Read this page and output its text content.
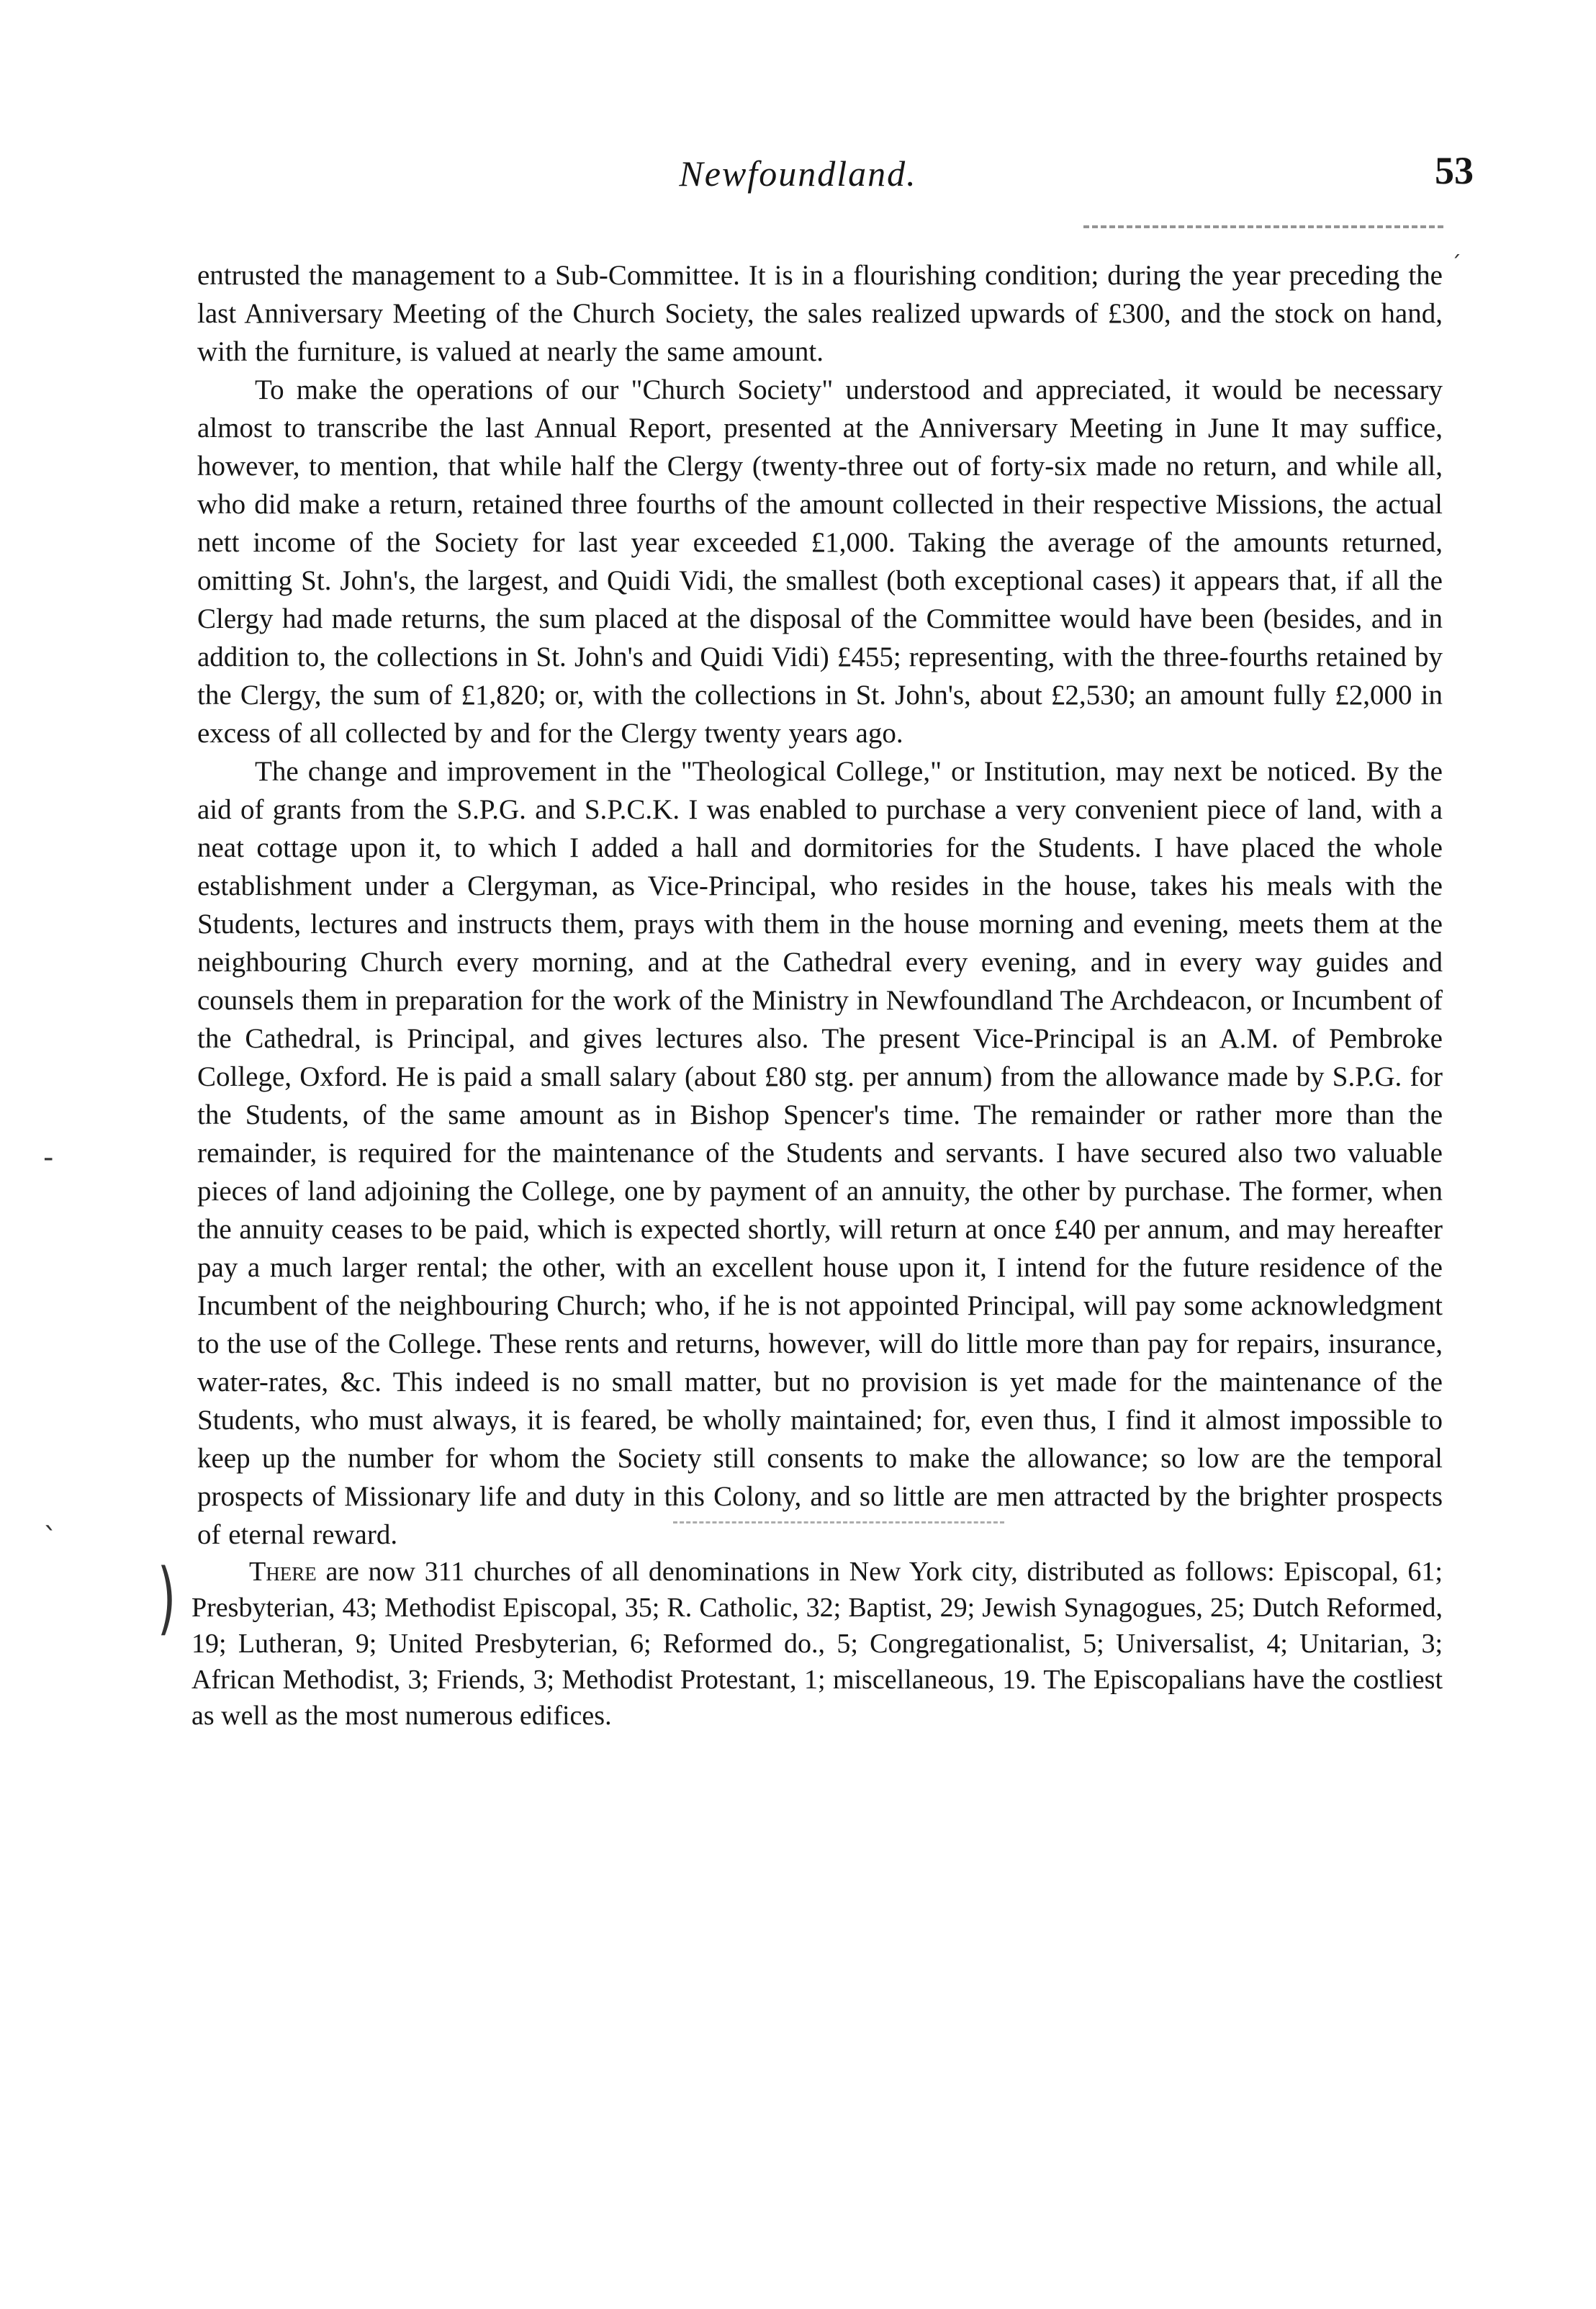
Newfoundland.	53
ˊ

entrusted the management to a Sub-Committee. It is in a flourishing condition; during the year preceding the last Anniversary Meeting of the Church Society, the sales realized upwards of £300, and the stock on hand, with the furniture, is valued at nearly the same amount.

To make the operations of our "Church Society" understood and appreciated, it would be necessary almost to transcribe the last Annual Report, presented at the Anniversary Meeting in June It may suffice, however, to mention, that while half the Clergy (twenty-three out of forty-six made no return, and while all, who did make a return, retained three fourths of the amount collected in their respective Missions, the actual nett income of the Society for last year exceeded £1,000. Taking the average of the amounts returned, omitting St. John's, the largest, and Quidi Vidi, the smallest (both exceptional cases) it appears that, if all the Clergy had made returns, the sum placed at the disposal of the Committee would have been (besides, and in addition to, the collections in St. John's and Quidi Vidi) £455; representing, with the three-fourths retained by the Clergy, the sum of £1,820; or, with the collections in St. John's, about £2,530; an amount fully £2,000 in excess of all collected by and for the Clergy twenty years ago.

The change and improvement in the "Theological College," or Institution, may next be noticed. By the aid of grants from the S.P.G. and S.P.C.K. I was enabled to purchase a very convenient piece of land, with a neat cottage upon it, to which I added a hall and dormitories for the Students. I have placed the whole establishment under a Clergyman, as Vice-Principal, who resides in the house, takes his meals with the Students, lectures and instructs them, prays with them in the house morning and evening, meets them at the neighbouring Church every morning, and at the Cathedral every evening, and in every way guides and counsels them in preparation for the work of the Ministry in Newfoundland The Archdeacon, or Incumbent of the Cathedral, is Principal, and gives lectures also. The present Vice-Principal is an A.M. of Pembroke College, Oxford. He is paid a small salary (about £80 stg. per annum) from the allowance made by S.P.G. for the Students, of the same amount as in Bishop Spencer's time. The remainder or rather more than the remainder, is required for the maintenance of the Students and servants. I have secured also two valuable pieces of land adjoining the College, one by payment of an annuity, the other by purchase. The former, when the annuity ceases to be paid, which is expected shortly, will return at once £40 per annum, and may hereafter pay a much larger rental; the other, with an excellent house upon it, I intend for the future residence of the Incumbent of the neighbouring Church; who, if he is not appointed Principal, will pay some acknowledgment to the use of the College. These rents and returns, however, will do little more than pay for repairs, insurance, water-rates, &c. This indeed is no small matter, but no provision is yet made for the maintenance of the Students, who must always, it is feared, be wholly maintained; for, even thus, I find it almost impossible to keep up the number for whom the Society still consents to make the allowance; so low are the temporal prospects of Missionary life and duty in this Colony, and so little are men attracted by the brighter prospects of eternal reward.

‐
)
ˎ

There are now 311 churches of all denominations in New York city, distributed as follows: Episcopal, 61; Presbyterian, 43; Methodist Episcopal, 35; R. Catholic, 32; Baptist, 29; Jewish Synagogues, 25; Dutch Reformed, 19; Lutheran, 9; United Presbyterian, 6; Reformed do., 5; Congregationalist, 5; Universalist, 4; Unitarian, 3; African Methodist, 3; Friends, 3; Methodist Protestant, 1; miscellaneous, 19. The Episcopalians have the costliest as well as the most numerous edifices.
